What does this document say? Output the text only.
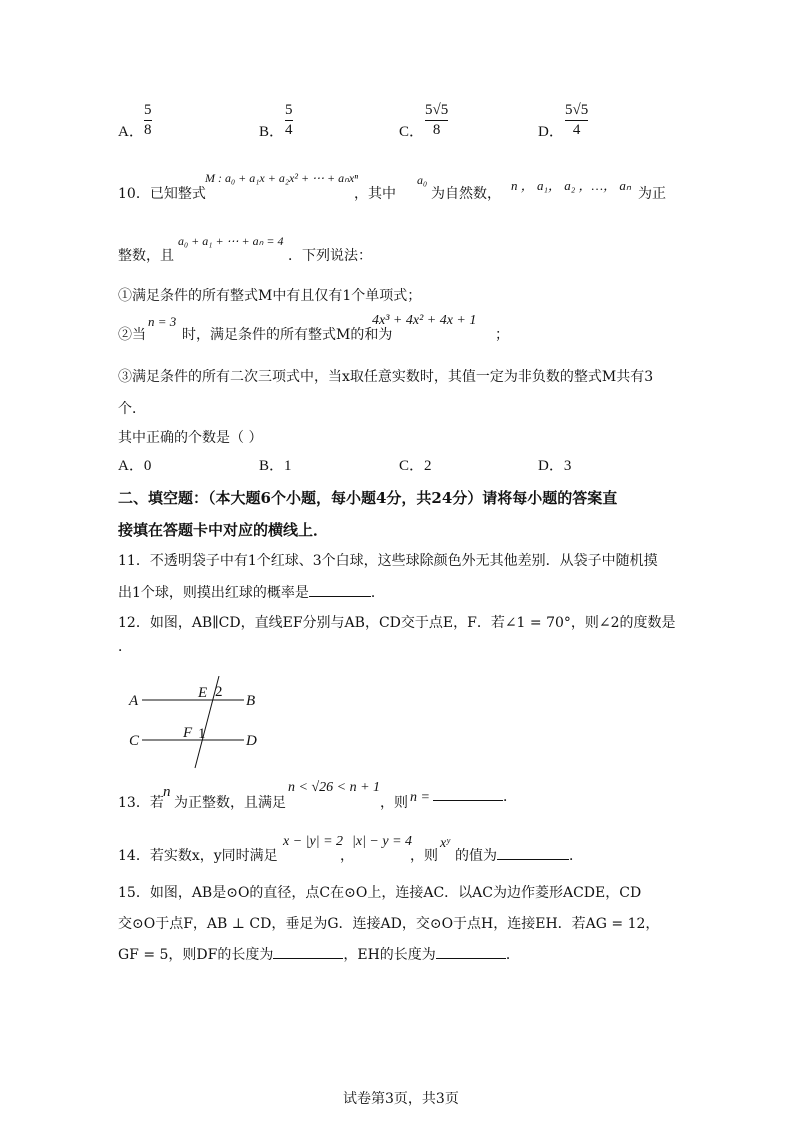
A．
5
8	B．
5
4	C．
5√5
8	D．
5√5
4
10．已知整式
M : a₀ + a₁x + a₂x² + ⋯ + aₙxⁿ
，其中
a₀
为自然数，
n ， a₁， a₂ ，…， aₙ
为正
整数，且
a₀ + a₁ + ⋯ + aₙ = 4
．下列说法：
①满足条件的所有整式M中有且仅有1个单项式；
②当
n = 3
时，满足条件的所有整式M的和为
4x³ + 4x² + 4x + 1
；
③满足条件的所有二次三项式中，当x取任意实数时，其值一定为非负数的整式M共有3
个．
其中正确的个数是（ ）
A．0	B．1	C．2	D．3
二、填空题：（本大题6个小题，每小题4分，共24分）请将每小题的答案直
接填在答题卡中对应的横线上．
11．不透明袋子中有1个红球、3个白球，这些球除颜色外无其他差别．从袋子中随机摸
出1个球，则摸出红球的概率是	．
12．如图，AB∥CD，直线EF分别与AB，CD交于点E，F．若∠1 = 70°，则∠2的度数是
．
A	B
C	D
E
F
2
1
13．若
n
为正整数，且满足
n < √26 < n + 1
，则 n =	．
14．若实数x，y同时满足
x − |y| = 2
，
|x| − y = 4
，则
xʸ
的值为	．
15．如图，AB是⊙O的直径，点C在⊙O上，连接AC．以AC为边作菱形ACDE，CD
交⊙O于点F，AB ⊥ CD，垂足为G．连接AD，交⊙O于点H，连接EH．若AG = 12，
GF = 5，则DF的长度为	，EH的长度为	．
试卷第3页，共3页
